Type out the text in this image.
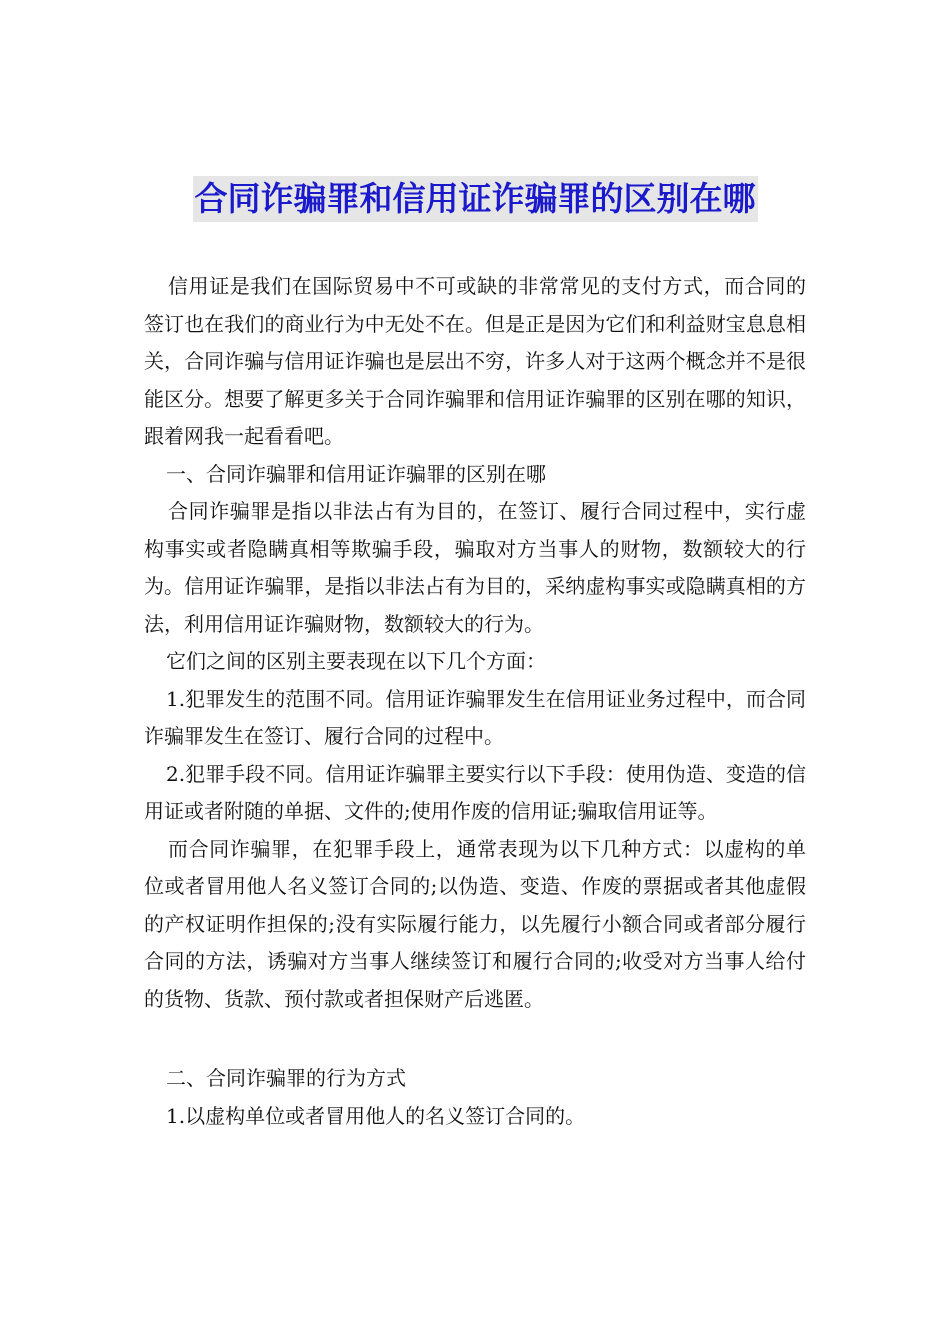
合同诈骗罪和信用证诈骗罪的区别在哪

信用证是我们在国际贸易中不可或缺的非常常见的支付方式，而合同的签订也在我们的商业行为中无处不在。但是正是因为它们和利益财宝息息相关，合同诈骗与信用证诈骗也是层出不穷，许多人对于这两个概念并不是很能区分。想要了解更多关于合同诈骗罪和信用证诈骗罪的区别在哪的知识，跟着网我一起看看吧。

一、合同诈骗罪和信用证诈骗罪的区别在哪

合同诈骗罪是指以非法占有为目的，在签订、履行合同过程中，实行虚构事实或者隐瞒真相等欺骗手段，骗取对方当事人的财物，数额较大的行为。信用证诈骗罪，是指以非法占有为目的，采纳虚构事实或隐瞒真相的方法，利用信用证诈骗财物，数额较大的行为。

它们之间的区别主要表现在以下几个方面：

1.犯罪发生的范围不同。信用证诈骗罪发生在信用证业务过程中，而合同诈骗罪发生在签订、履行合同的过程中。

2.犯罪手段不同。信用证诈骗罪主要实行以下手段：使用伪造、变造的信用证或者附随的单据、文件的;使用作废的信用证;骗取信用证等。

而合同诈骗罪，在犯罪手段上，通常表现为以下几种方式：以虚构的单位或者冒用他人名义签订合同的;以伪造、变造、作废的票据或者其他虚假的产权证明作担保的;没有实际履行能力，以先履行小额合同或者部分履行合同的方法，诱骗对方当事人继续签订和履行合同的;收受对方当事人给付的货物、货款、预付款或者担保财产后逃匿。

二、合同诈骗罪的行为方式

1.以虚构单位或者冒用他人的名义签订合同的。
